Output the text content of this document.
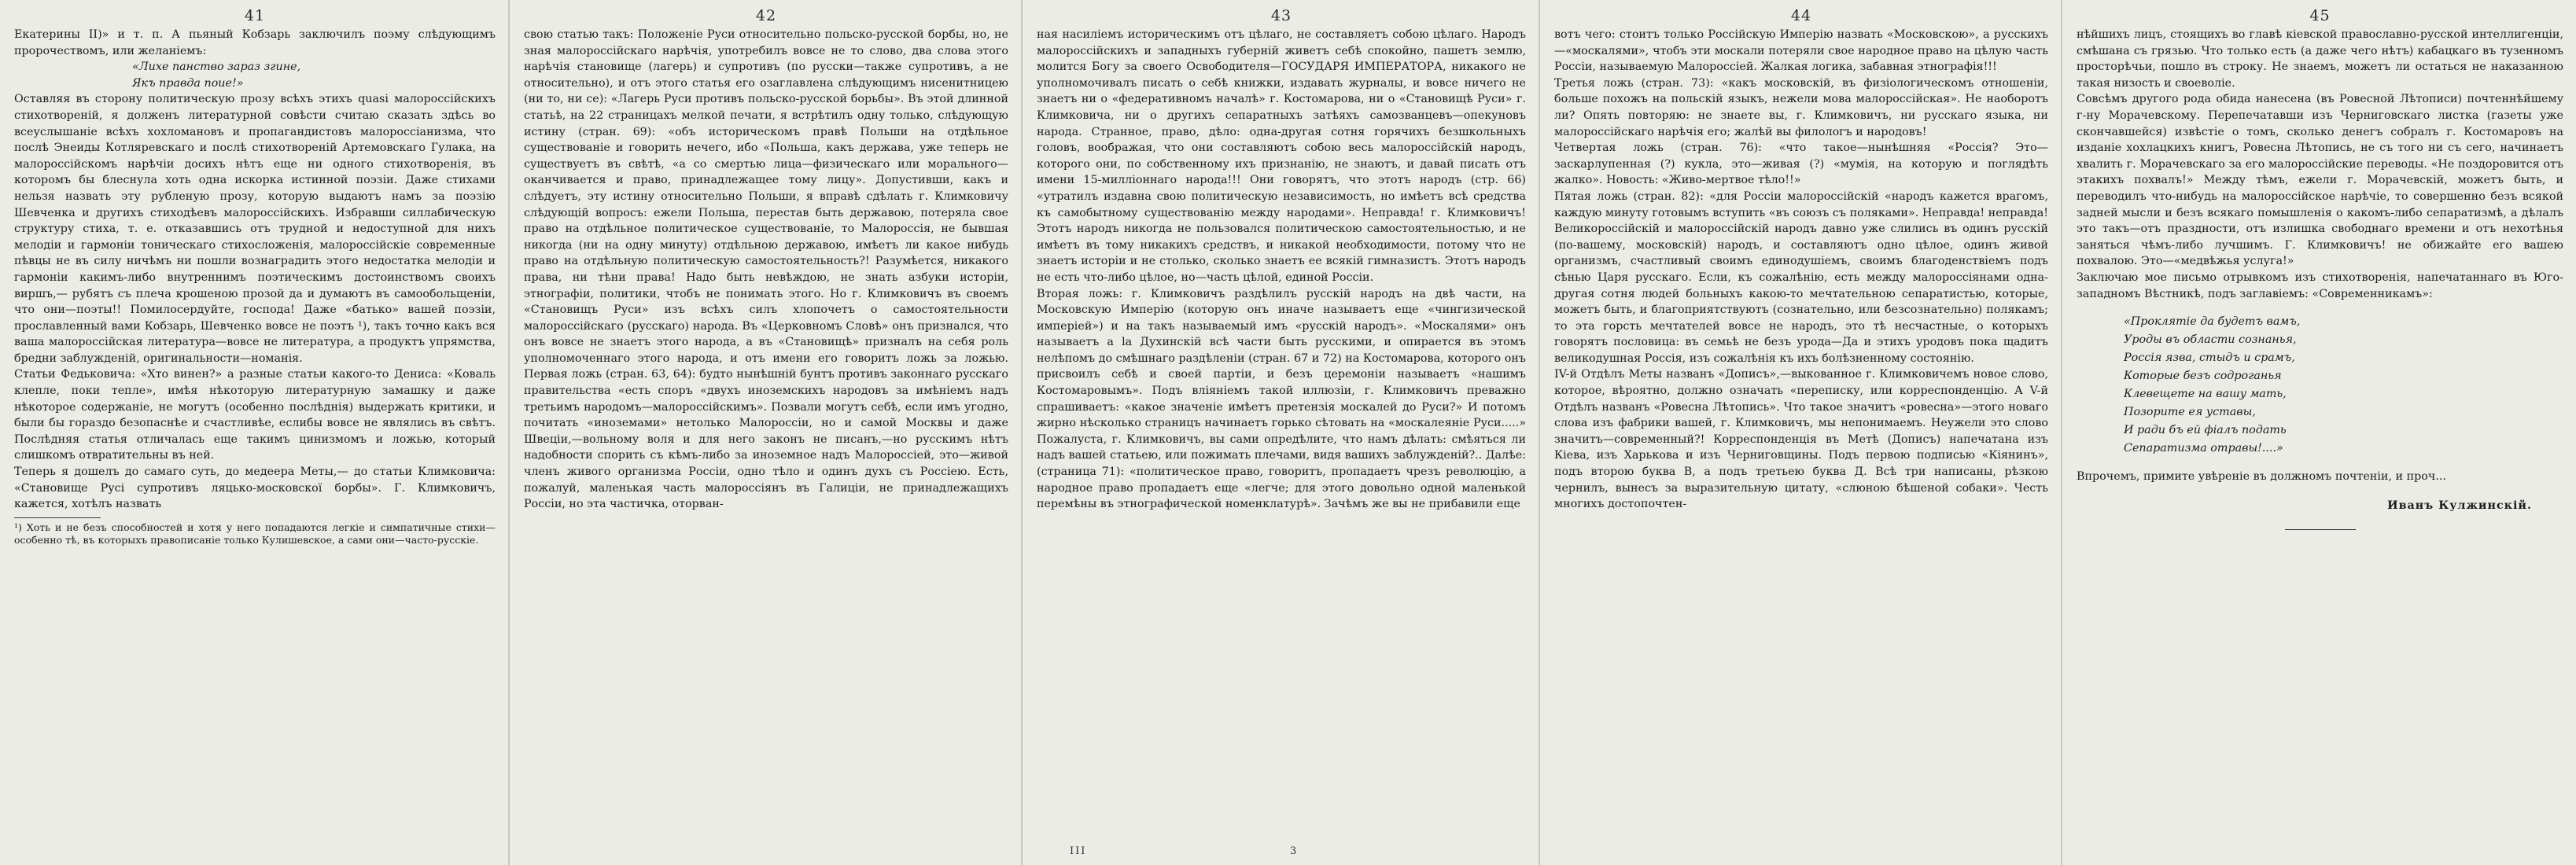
41

Екатерины II)» и т. п. А пьяный Кобзарь заключилъ поэму слѣдующимъ пророчествомъ, или желаніемъ:

«Лихе панство зараз згине,
Якъ правда поие!»

Оставляя въ сторону политическую прозу всѣхъ этихъ quasi малороссійскихъ стихотвореній, я долженъ литературной совѣсти считаю сказать здѣсь во всеуслышаніе всѣхъ хохломановъ и пропагандистовъ малороссіанизма, что послѣ Энеиды Котляревскаго и послѣ стихотвореній Артемовскаго Гулака, на малороссійскомъ нарѣчіи досихъ нѣтъ еще ни одного стихотворенія, въ которомъ бы блеснула хоть одна искорка истинной поэзіи. Даже стихами нельзя назвать эту рубленую прозу, которую выдаютъ намъ за поэзію Шевченка и другихъ стиходѣевъ малороссійскихъ. Избравши силлабическую структуру стиха, т. е. отказавшись отъ трудной и недоступной для нихъ мелодіи и гармоніи тоническаго стихосложенія, малороссійскіе современные пѣвцы не въ силу ничѣмъ ни пошли вознаградить этого недостатка мелодіи и гармоніи какимъ-либо внутреннимъ поэтическимъ достоинствомъ своихъ виршъ,— рубятъ съ плеча крошеною прозой да и думаютъ въ самообольщеніи, что они—поэты!! Помилосердуйте, господа! Даже «батько» вашей поэзіи, прославленный вами Кобзарь, Шевченко вовсе не поэтъ ¹), такъ точно какъ вся ваша малороссійская литература—вовсе не литература, а продуктъ упрямства, бредни заблужденій, оригинальности—номанія.

Статьи Федьковича: «Хто винен?» а разные статьи какого-то Дениса: «Коваль клепле, поки тепле», имѣя нѣкоторую литературную замашку и даже нѣкоторое содержаніе, не могутъ (особенно послѣднія) выдержать критики, и были бы гораздо безопаснѣе и счастливѣе, еслибы вовсе не являлись въ свѣтъ. Послѣдняя статья отличалась еще такимъ цинизмомъ и ложью, который слишкомъ отвратительны въ ней.

Теперь я дошелъ до самаго суть, до медеера Меты,— до статьи Климковича: «Становище Русі супротивъ ляцько-московскої борбы». Г. Климковичъ, кажется, хотѣлъ назвать

¹) Хоть и не безъ способностей и хотя у него попадаются легкіе и симпатичные стихи—особенно тѣ, въ которыхъ правописаніе только Кулишевское, а сами они—часто-русскіе.

42

свою статью такъ: Положеніе Руси относительно польско-русской борбы, но, не зная малороссійскаго нарѣчія, употребилъ вовсе не то слово, два слова этого нарѣчія становище (лагерь) и супротивъ (по русски—также супротивъ, а не относительно), и отъ этого статья его озаглавлена слѣдующимъ нисенитницею (ни то, ни се): «Лагерь Руси противъ польско-русской борьбы». Въ этой длинной статьѣ, на 22 страницахъ мелкой печати, я встрѣтилъ одну только, слѣдующую истину (стран. 69): «объ историческомъ правѣ Польши на отдѣльное существованіе и говорить нечего, ибо «Польша, какъ держава, уже теперь не существуетъ въ свѣтѣ, «а со смертью лица—физическаго или морального—оканчивается и право, принадлежащее тому лицу». Допустивши, какъ и слѣдуетъ, эту истину относительно Польши, я вправѣ сдѣлать г. Климковичу слѣдующій вопросъ: ежели Польша, перестав быть державою, потеряла свое право на отдѣльное политическое существованіе, то Малороссія, не бывшая никогда (ни на одну минуту) отдѣльною державою, имѣетъ ли какое нибудь право на отдѣльную политическую самостоятельность?! Разумѣется, никакого права, ни тѣни права! Надо быть невѣждою, не знать азбуки исторіи, этнографіи, политики, чтобъ не понимать этого. Но г. Климковичъ въ своемъ «Становищъ Руси» изъ всѣхъ силъ хлопочетъ о самостоятельности малороссійскаго (русскаго) народа. Въ «Церковномъ Словѣ» онъ признался, что онъ вовсе не знаетъ этого народа, а въ «Становищѣ» призналъ на себя роль уполномоченнаго этого народа, и отъ имени его говоритъ ложь за ложью. Первая ложь (стран. 63, 64): будто нынѣшній бунтъ противъ законнаго русскаго правительства «есть споръ «двухъ иноземскихъ народовъ за имѣніемъ надъ третьимъ народомъ—малороссійскимъ». Позвали могутъ себѣ, если имъ угодно, почитать «иноземами» нетолько Малороссіи, но и самой Москвы и даже Швеціи,—вольному воля и для него законъ не писанъ,—но русскимъ нѣтъ надобности спорить съ кѣмъ-либо за иноземное надъ Малороссіей, это—живой членъ живого организма Россіи, одно тѣло и одинъ духъ съ Россіею. Есть, пожалуй, маленькая часть малороссіянъ въ Галиціи, не принадлежащихъ Россіи, но эта частичка, оторван-

43

ная насиліемъ историческимъ отъ цѣлаго, не составляетъ собою цѣлаго. Народъ малороссійскихъ и западныхъ губерній живетъ себѣ спокойно, пашетъ землю, молится Богу за своего Освободителя—ГОСУДАРЯ ИМПЕРАТОРА, никакого не уполномочивалъ писать о себѣ книжки, издавать журналы, и вовсе ничего не знаетъ ни о «федеративномъ началѣ» г. Костомарова, ни о «Становищѣ Руси» г. Климковича, ни о другихъ сепаратныхъ затѣяхъ самозванцевъ—опекуновъ народа. Странное, право, дѣло: одна-другая сотня горячихъ безшкольныхъ головъ, воображая, что они составляютъ собою весь малороссійскій народъ, которого они, по собственному ихъ признанію, не знаютъ, и давай писать отъ имени 15-милліоннаго народа!!! Они говорятъ, что этотъ народъ (стр. 66) «утратилъ издавна свою политическую независимость, но имѣетъ всѣ средства къ самобытному существованію между народами». Неправда! г. Климковичъ! Этотъ народъ никогда не пользовался политическою самостоятельностью, и не имѣетъ въ тому никакихъ средствъ, и никакой необходимости, потому что не знаетъ исторіи и не столько, сколько знаетъ ее всякій гимназистъ. Этотъ народъ не есть что-либо цѣлое, но—часть цѣлой, единой Россіи.

Вторая ложь: г. Климковичъ раздѣлилъ русскій народъ на двѣ части, на Московскую Имперію (которую онъ иначе называетъ еще «чингизической имперіей») и на такъ называемый имъ «русскій народъ». «Москалями» онъ называетъ а la Духинскій всѣ части быть русскими, и опирается въ этомъ нелѣпомъ до смѣшнаго раздѣленіи (стран. 67 и 72) на Костомарова, которого онъ присвоилъ себѣ и своей партіи, и безъ церемоніи называетъ «нашимъ Костомаровымъ». Подъ вліяніемъ такой иллюзіи, г. Климковичъ преважно спрашиваетъ: «какое значеніе имѣетъ претензія москалей до Руси?» И потомъ жирно нѣсколько страницъ начинаетъ горько сѣтовать на «москалеяніе Руси.....» Пожалуста, г. Климковичъ, вы сами опредѣлите, что намъ дѣлать: смѣяться ли надъ вашей статьею, или пожимать плечами, видя вашихъ заблужденій?.. Далѣе: (страница 71): «политическое право, говоритъ, пропадаетъ чрезъ революцію, а народное право пропадаетъ еще «легче; для этого довольно одной маленькой перемѣны въ этнографической номенклатурѣ». Зачѣмъ же вы не прибавили еще

III	3
44

вотъ чего: стоитъ только Россійскую Имперію назвать «Московскою», а русскихъ—«москалями», чтобъ эти москали потеряли свое народное право на цѣлую часть Россіи, называемую Малороссіей. Жалкая логика, забавная этнографія!!!

Третья ложь (стран. 73): «какъ московскій, въ физіологическомъ отношеніи, больше похожъ на польскій языкъ, нежели мова малороссійская». Не наоборотъ ли? Опять повторяю: не знаете вы, г. Климковичъ, ни русскаго языка, ни малороссійскаго нарѣчія его; жалѣй вы филологъ и народовъ!

Четвертая ложь (стран. 76): «что такое—нынѣшняя «Россія? Это—заскарлупенная (?) кукла, это—живая (?) «мумія, на которую и поглядѣть жалко». Новость: «Живо-мертвое тѣло!!»

Пятая ложь (стран. 82): «для Россіи малороссійскій «народъ кажется врагомъ, каждую минуту готовымъ вступить «въ союзъ съ поляками». Неправда! неправда! Великороссійскій и малороссійскій народъ давно уже слились въ одинъ русскій (по-вашему, московскій) народъ, и составляютъ одно цѣлое, одинъ живой организмъ, счастливый своимъ единодушіемъ, своимъ благоденствіемъ подъ сѣнью Царя русскаго. Если, къ сожалѣнію, есть между малороссіянами одна-другая сотня людей больныхъ какою-то мечтательною сепаратистью, которые, можетъ быть, и благоприятствуютъ (сознательно, или безсознательно) полякамъ; то эта горсть мечтателей вовсе не народъ, это тѣ несчастные, о которыхъ говорятъ пословица: въ семьѣ не безъ урода—Да и этихъ уродовъ пока щадитъ великодушная Россія, изъ сожалѣнія къ ихъ болѣзненному состоянію.

IV-й Отдѣлъ Меты названъ «Дописъ»,—выкованное г. Климковичемъ новое слово, которое, вѣроятно, должно означать «переписку, или корреспонденцію. А V-й Отдѣлъ названъ «Ровесна Лѣтопись». Что такое значитъ «ровесна»—этого новаго слова изъ фабрики вашей, г. Климковичъ, мы непонимаемъ. Неужели это слово значитъ—современный?! Корреспонденція въ Метѣ (Дописъ) напечатана изъ Кіева, изъ Харькова и изъ Черниговщины. Подъ первою подписью «Кіянинъ», подъ второю буква В, а подъ третьею буква Д. Всѣ три написаны, рѣзкою чернилъ, вынесъ за выразительную цитату, «слюною бѣшеной собаки». Честь многихъ достопочтен-

45

нѣйшихъ лицъ, стоящихъ во главѣ кіевской православно-русской интеллигенціи, смѣшана съ грязью. Что только есть (а даже чего нѣтъ) кабацкаго въ тузенномъ просторѣчьи, пошло въ строку. Не знаемъ, можетъ ли остаться не наказанною такая низость и своеволіе.

Совсѣмъ другого рода обида нанесена (въ Ровесной Лѣтописи) почтеннѣйшему г-ну Морачевскому. Перепечатавши изъ Черниговскаго листка (газеты уже скончавшейся) извѣстіе о томъ, сколько денегъ собралъ г. Костомаровъ на изданіе хохлацкихъ книгъ, Ровесна Лѣтопись, не съ того ни съ сего, начинаетъ хвалить г. Морачевскаго за его малороссійские переводы. «Не поздоровится отъ этакихъ похвалъ!» Между тѣмъ, ежели г. Морачевскій, можетъ быть, и переводилъ что-нибудь на малороссійское нарѣчіе, то совершенно безъ всякой задней мысли и безъ всякаго помышленія о какомъ-либо сепаратизмѣ, а дѣлалъ это такъ—отъ праздности, отъ излишка свободнаго времени и отъ нехотѣнья заняться чѣмъ-либо лучшимъ. Г. Климковичъ! не обижайте его вашею похвалою. Это—«медвѣжья услуга!»

Заключаю мое письмо отрывкомъ изъ стихотворенія, напечатаннаго въ Юго-западномъ Вѣстникѣ, подъ заглавіемъ: «Современникамъ»:

«Проклятіе да будетъ вамъ,
Уроды въ области сознанья,
Россія язва, стыдъ и срамъ,
Которые безъ содроганья
Клевещете на вашу мать,
Позорите ея уставы,
И ради бъ ей фіалъ подать
Сепаратизма отравы!....»

Впрочемъ, примите увѣреніе въ должномъ почтеніи, и проч...

Иванъ Кулжинскій.
